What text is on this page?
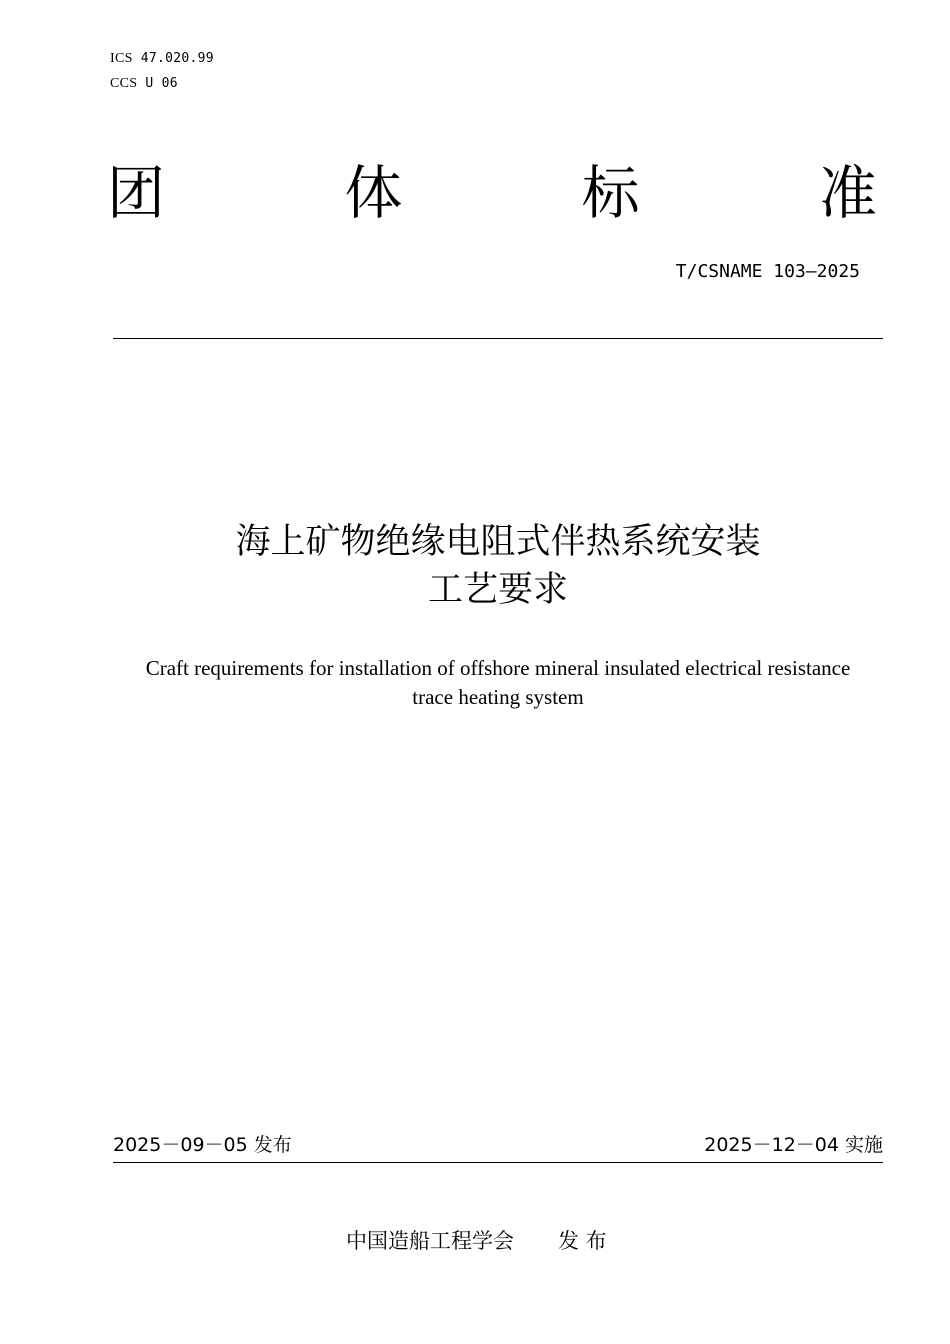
ICS 47.020.99
CCS U 06
团	体	标	准
T/CSNAME 103—2025
海上矿物绝缘电阻式伴热系统安装
工艺要求
Craft requirements for installation of offshore mineral insulated electrical resistance
trace heating system
2025－09－05 发布	2025－12－04 实施
中国造船工程学会 发 布
